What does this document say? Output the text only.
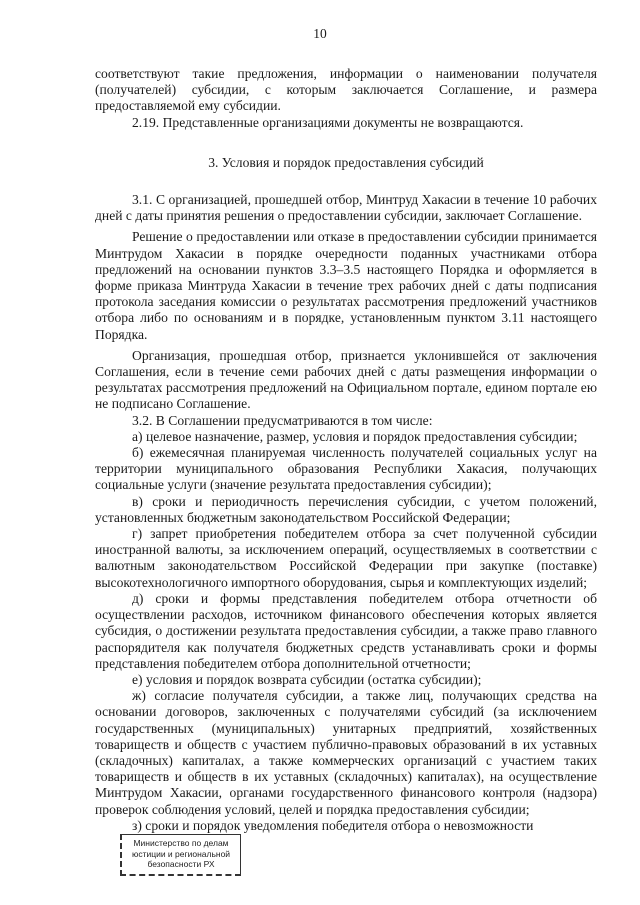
10

соответствуют такие предложения, информации о наименовании получателя (получателей) субсидии, с которым заключается Соглашение, и размера предоставляемой ему субсидии.

2.19. Представленные организациями документы не возвращаются.

3. Условия и порядок предоставления субсидий

3.1. С организацией, прошедшей отбор, Минтруд Хакасии в течение 10 рабочих дней с даты принятия решения о предоставлении субсидии, заключает Соглашение.

Решение о предоставлении или отказе в предоставлении субсидии принимается Минтрудом Хакасии в порядке очередности поданных участниками отбора предложений на основании пунктов 3.3–3.5 настоящего Порядка и оформляется в форме приказа Минтруда Хакасии в течение трех рабочих дней с даты подписания протокола заседания комиссии о результатах рассмотрения предложений участников отбора либо по основаниям и в порядке, установленным пунктом 3.11 настоящего Порядка.

Организация, прошедшая отбор, признается уклонившейся от заключения Соглашения, если в течение семи рабочих дней с даты размещения информации о результатах рассмотрения предложений на Официальном портале, едином портале ею не подписано Соглашение.

3.2. В Соглашении предусматриваются в том числе:

а) целевое назначение, размер, условия и порядок предоставления субсидии;

б) ежемесячная планируемая численность получателей социальных услуг на территории муниципального образования Республики Хакасия, получающих социальные услуги (значение результата предоставления субсидии);

в) сроки и периодичность перечисления субсидии, с учетом положений, установленных бюджетным законодательством Российской Федерации;

г) запрет приобретения победителем отбора за счет полученной субсидии иностранной валюты, за исключением операций, осуществляемых в соответствии с валютным законодательством Российской Федерации при закупке (поставке) высокотехнологичного импортного оборудования, сырья и комплектующих изделий;

д) сроки и формы представления победителем отбора отчетности об осуществлении расходов, источником финансового обеспечения которых является субсидия, о достижении результата предоставления субсидии, а также право главного распорядителя как получателя бюджетных средств устанавливать сроки и формы представления победителем отбора дополнительной отчетности;

е) условия и порядок возврата субсидии (остатка субсидии);

ж) согласие получателя субсидии, а также лиц, получающих средства на основании договоров, заключенных с получателями субсидий (за исключением государственных (муниципальных) унитарных предприятий, хозяйственных товариществ и обществ с участием публично-правовых образований в их уставных (складочных) капиталах, а также коммерческих организаций с участием таких товариществ и обществ в их уставных (складочных) капиталах), на осуществление Минтрудом Хакасии, органами государственного финансового контроля (надзора) проверок соблюдения условий, целей и порядка предоставления субсидии;

з) сроки и порядок уведомления победителя отбора о невозможности

Министерство по делам
юстиции и региональной
безопасности РХ
